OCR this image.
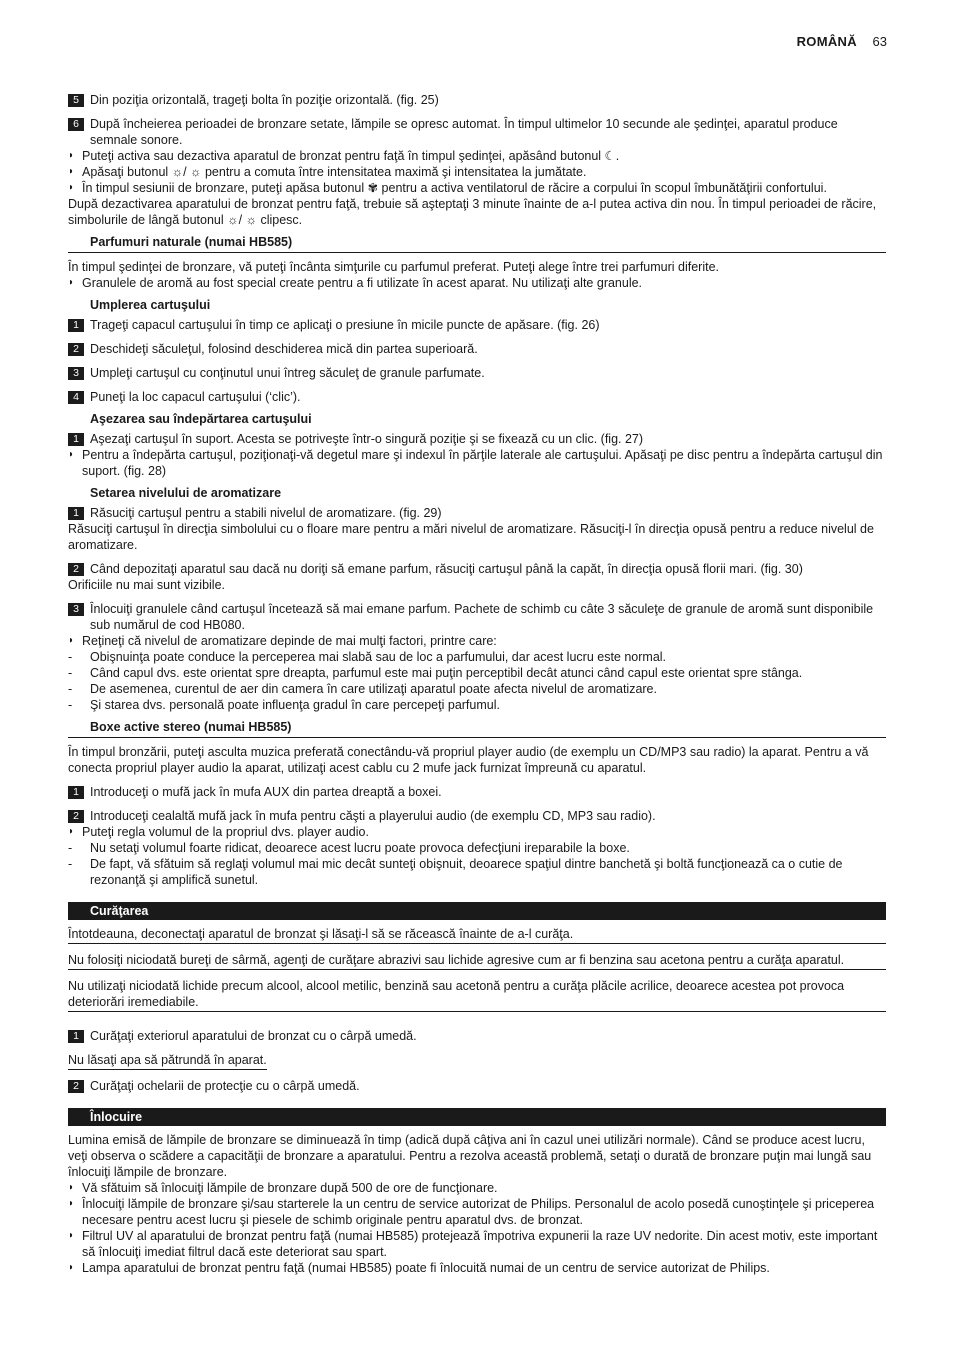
ROMÂNĂ 63
5 Din poziţia orizontală, trageţi bolta în poziţie orizontală. (fig. 25)
6 După încheierea perioadei de bronzare setate, lămpile se opresc automat. În timpul ultimelor 10 secunde ale şedinţei, aparatul produce semnale sonore.
◗ Puteţi activa sau dezactiva aparatul de bronzat pentru faţă în timpul şedinţei, apăsând butonul ☾.
◗ Apăsaţi butonul ☼/ ☼ pentru a comuta între intensitatea maximă şi intensitatea la jumătate.
◗ În timpul sesiunii de bronzare, puteţi apăsa butonul ✾ pentru a activa ventilatorul de răcire a corpului în scopul îmbunătăţirii confortului.
După dezactivarea aparatului de bronzat pentru faţă, trebuie să aşteptaţi 3 minute înainte de a-l putea activa din nou. În timpul perioadei de răcire, simbolurile de lângă butonul ☼/ ☼ clipesc.
Parfumuri naturale (numai HB585)
În timpul şedinţei de bronzare, vă puteţi încânta simţurile cu parfumul preferat. Puteţi alege între trei parfumuri diferite.
◗ Granulele de aromă au fost special create pentru a fi utilizate în acest aparat. Nu utilizaţi alte granule.
Umplerea cartuşului
1 Trageţi capacul cartuşului în timp ce aplicaţi o presiune în micile puncte de apăsare. (fig. 26)
2 Deschideţi săculeţul, folosind deschiderea mică din partea superioară.
3 Umpleţi cartuşul cu conţinutul unui întreg săculeţ de granule parfumate.
4 Puneţi la loc capacul cartuşului (‘clic’).
Aşezarea sau îndepărtarea cartuşului
1 Aşezaţi cartuşul în suport. Acesta se potriveşte într-o singură poziţie şi se fixează cu un clic. (fig. 27)
◗ Pentru a îndepărta cartuşul, poziţionaţi-vă degetul mare şi indexul în părţile laterale ale cartuşului. Apăsaţi pe disc pentru a îndepărta cartuşul din suport. (fig. 28)
Setarea nivelului de aromatizare
1 Răsuciţi cartuşul pentru a stabili nivelul de aromatizare. (fig. 29)
Răsuciţi cartuşul în direcţia simbolului cu o floare mare pentru a mări nivelul de aromatizare. Răsuciţi-l în direcţia opusă pentru a reduce nivelul de aromatizare.
2 Când depozitaţi aparatul sau dacă nu doriţi să emane parfum, răsuciţi cartuşul până la capăt, în direcţia opusă florii mari. (fig. 30)
Orificiile nu mai sunt vizibile.
3 Înlocuiţi granulele când cartuşul încetează să mai emane parfum. Pachete de schimb cu câte 3 săculeţe de granule de aromă sunt disponibile sub numărul de cod HB080.
◗ Reţineţi că nivelul de aromatizare depinde de mai mulţi factori, printre care:
- Obişnuinţa poate conduce la perceperea mai slabă sau de loc a parfumului, dar acest lucru este normal.
- Când capul dvs. este orientat spre dreapta, parfumul este mai puţin perceptibil decât atunci când capul este orientat spre stânga.
- De asemenea, curentul de aer din camera în care utilizaţi aparatul poate afecta nivelul de aromatizare.
- Şi starea dvs. personală poate influenţa gradul în care percepeţi parfumul.
Boxe active stereo (numai HB585)
În timpul bronzării, puteţi asculta muzica preferată conectându-vă propriul player audio (de exemplu un CD/MP3 sau radio) la aparat. Pentru a vă conecta propriul player audio la aparat, utilizaţi acest cablu cu 2 mufe jack furnizat împreună cu aparatul.
1 Introduceţi o mufă jack în mufa AUX din partea dreaptă a boxei.
2 Introduceţi cealaltă mufă jack în mufa pentru căşti a playerului audio (de exemplu CD, MP3 sau radio).
◗ Puteţi regla volumul de la propriul dvs. player audio.
- Nu setaţi volumul foarte ridicat, deoarece acest lucru poate provoca defecţiuni ireparabile la boxe.
- De fapt, vă sfătuim să reglaţi volumul mai mic decât sunteţi obişnuit, deoarece spaţiul dintre banchetă şi boltă funcţionează ca o cutie de rezonanţă şi amplifică sunetul.
Curăţarea
Întotdeauna, deconectaţi aparatul de bronzat şi lăsaţi-l să se răcească înainte de a-l curăţa.
Nu folosiţi niciodată bureţi de sârmă, agenţi de curăţare abrazivi sau lichide agresive cum ar fi benzina sau acetona pentru a curăţa aparatul.
Nu utilizaţi niciodată lichide precum alcool, alcool metilic, benzină sau acetonă pentru a curăţa plăcile acrilice, deoarece acestea pot provoca deteriorări iremediabile.
1 Curăţaţi exteriorul aparatului de bronzat cu o cârpă umedă.
Nu lăsaţi apa să pătrundă în aparat.
2 Curăţaţi ochelarii de protecţie cu o cârpă umedă.
Înlocuire
Lumina emisă de lămpile de bronzare se diminuează în timp (adică după câţiva ani în cazul unei utilizări normale). Când se produce acest lucru, veţi observa o scădere a capacităţii de bronzare a aparatului. Pentru a rezolva această problemă, setaţi o durată de bronzare puţin mai lungă sau înlocuiţi lămpile de bronzare.
◗ Vă sfătuim să înlocuiţi lămpile de bronzare după 500 de ore de funcţionare.
◗ Înlocuiţi lămpile de bronzare şi/sau starterele la un centru de service autorizat de Philips. Personalul de acolo posedă cunoştinţele şi priceperea necesare pentru acest lucru şi piesele de schimb originale pentru aparatul dvs. de bronzat.
◗ Filtrul UV al aparatului de bronzat pentru faţă (numai HB585) protejează împotriva expunerii la raze UV nedorite. Din acest motiv, este important să înlocuiţi imediat filtrul dacă este deteriorat sau spart.
◗ Lampa aparatului de bronzat pentru faţă (numai HB585) poate fi înlocuită numai de un centru de service autorizat de Philips.
